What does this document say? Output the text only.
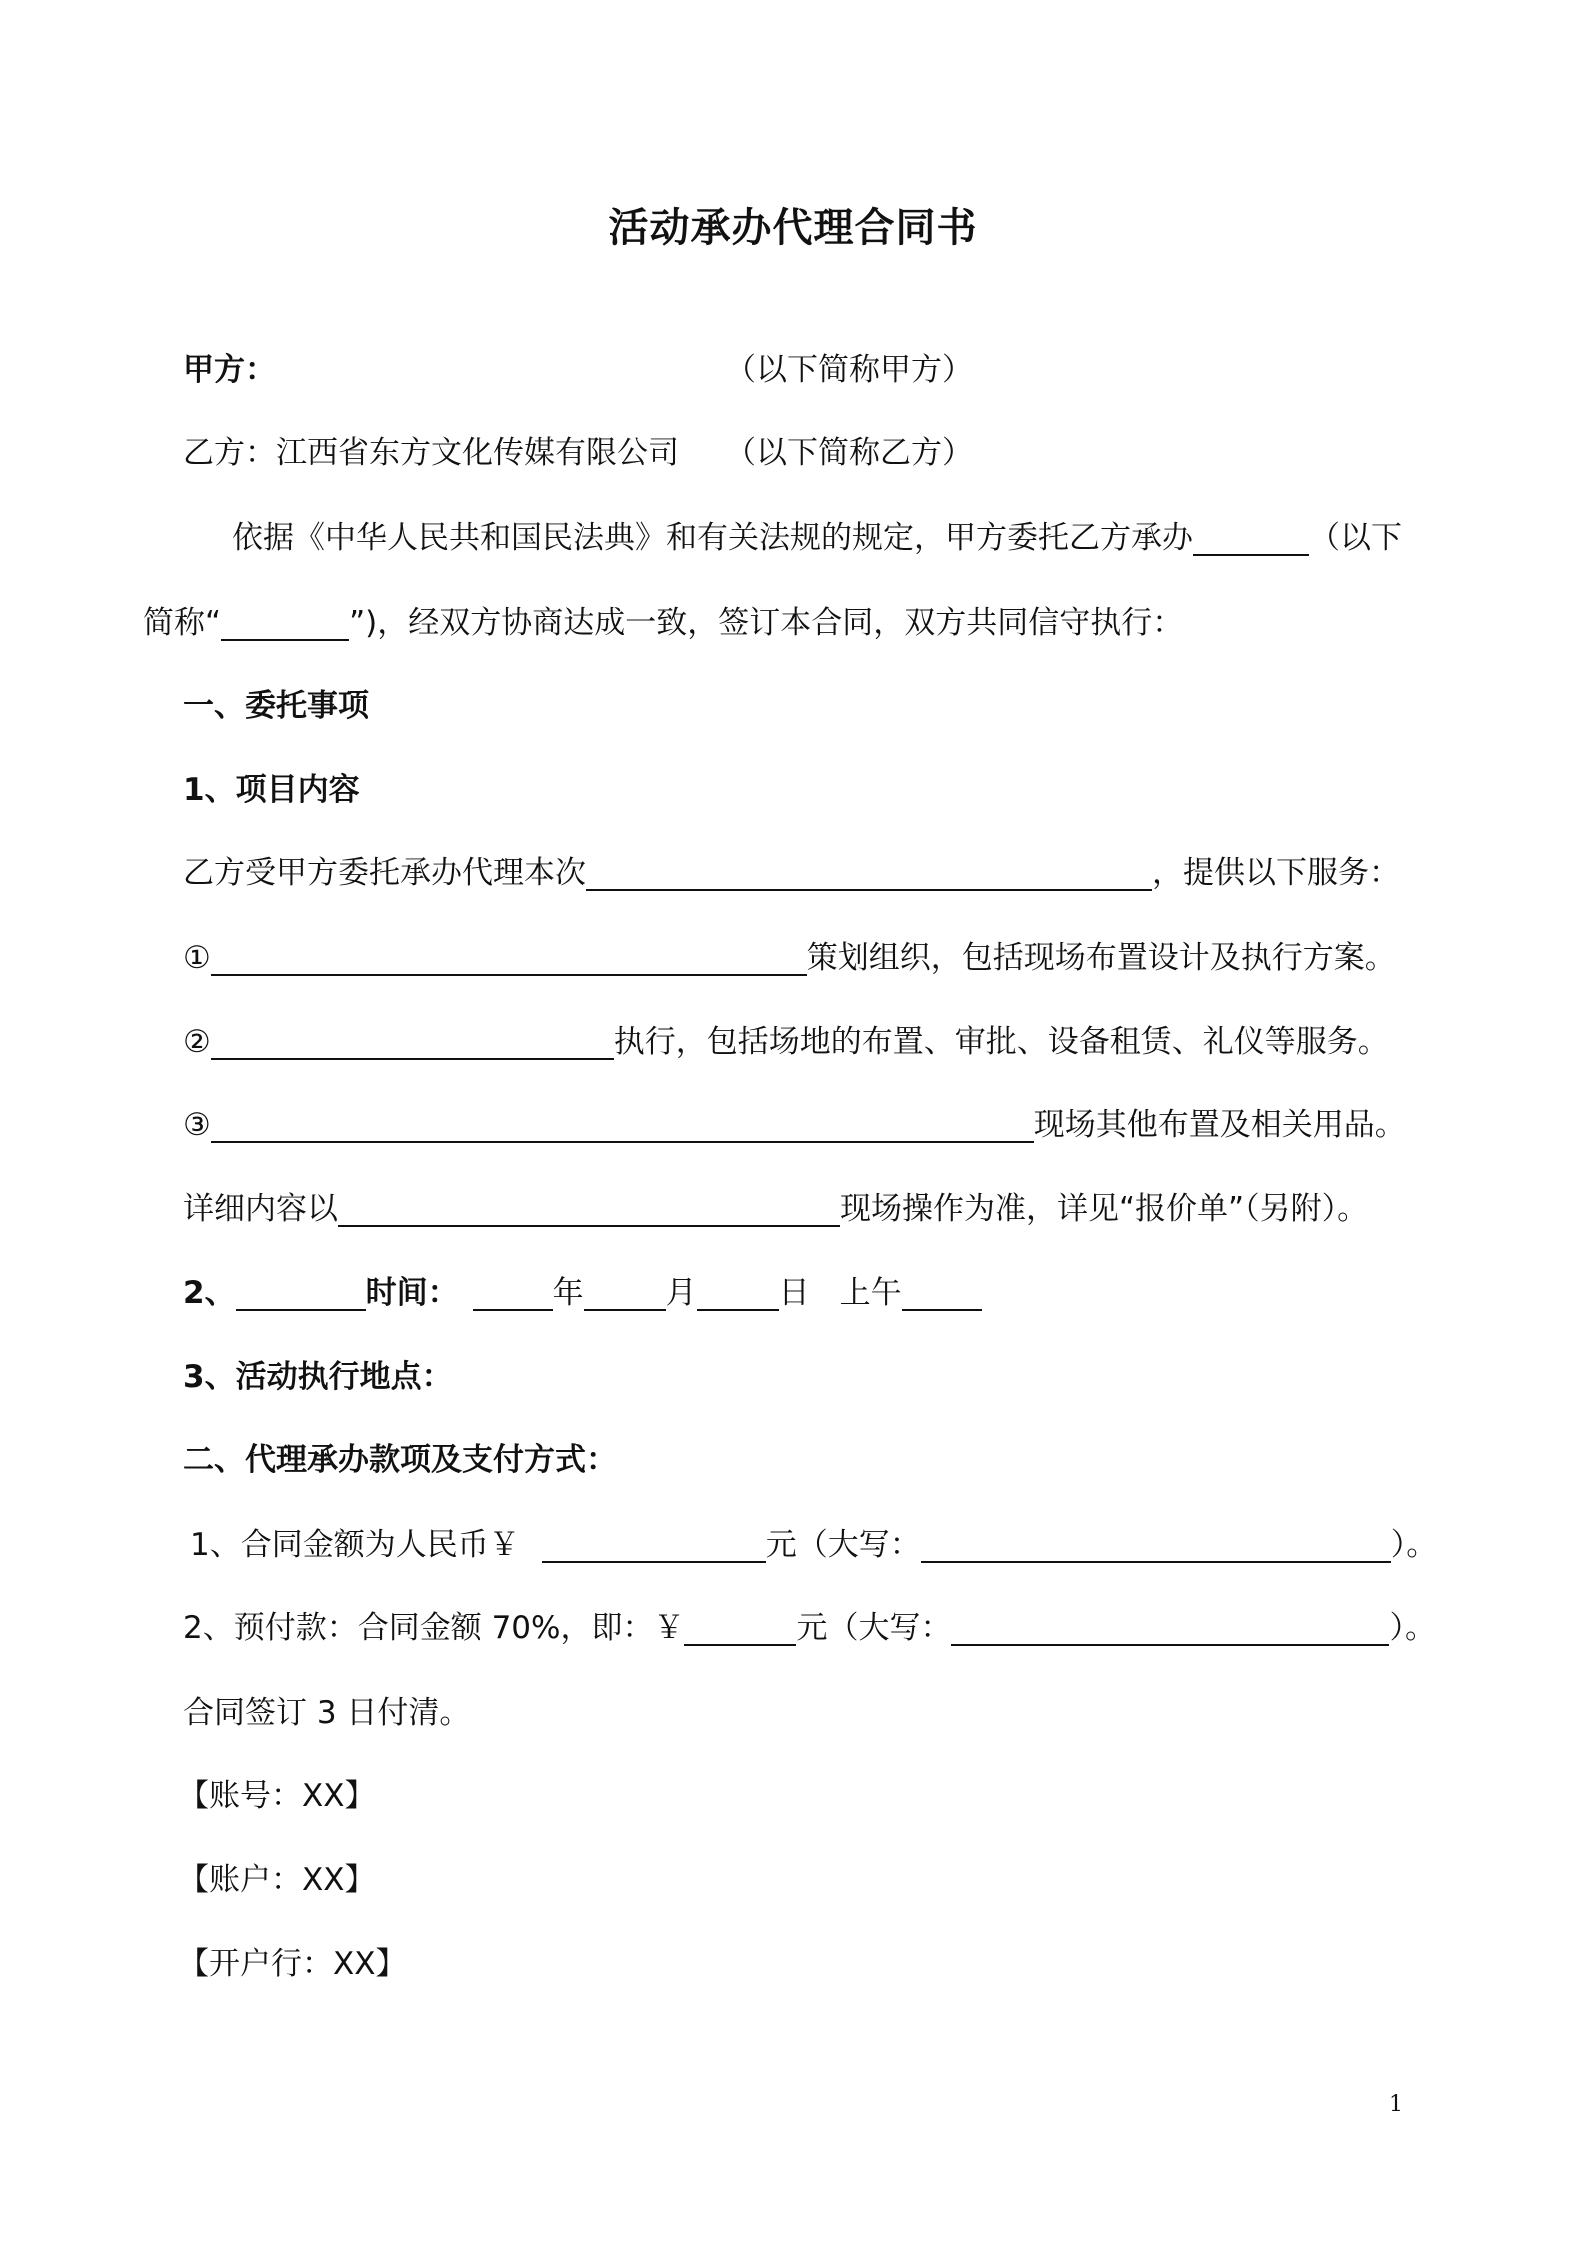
活动承办代理合同书
甲方：	（以下简称甲方）
乙方：江西省东方文化传媒有限公司 （以下简称乙方）
依据《中华人民共和国民法典》和有关法规的规定，甲方委托乙方承办	（以下
简称“	”)，经双方协商达成一致，签订本合同，双方共同信守执行：
一、委托事项
1、项目内容
乙方受甲方委托承办代理本次	，提供以下服务：
①	策划组织，包括现场布置设计及执行方案。
②	执行，包括场地的布置、审批、设备租赁、礼仪等服务。
③	现场其他布置及相关用品。
详细内容以	现场操作为准，详见“报价单”（另附）。
2、	时间：	年	月	日 上午
3、活动执行地点：
二、代理承办款项及支付方式：
1、合同金额为人民币￥	元（大写：	）。
2、预付款：合同金额 70%，即：￥	元（大写：	）。
合同签订 3 日付清。
【账号：XX】
【账户：XX】
【开户行：XX】
1
